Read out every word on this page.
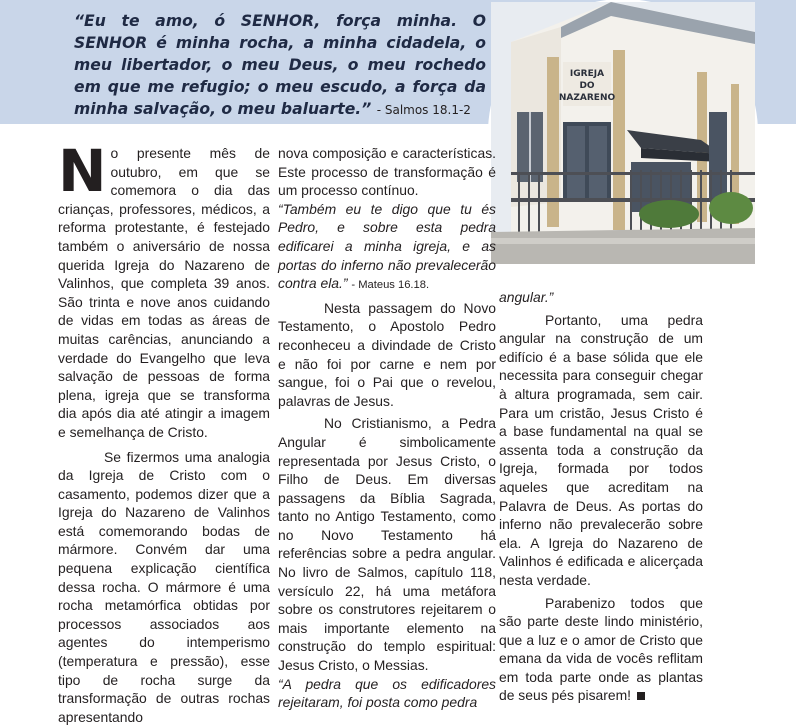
“Eu te amo, ó SENHOR, força minha. O SENHOR é minha rocha, a minha cidadela, o meu libertador, o meu Deus, o meu rochedo em que me refugio; o meu escudo, a força da minha salvação, o meu baluarte.” - Salmos 18.1-2

IGREJA
DO
NAZARENO

No presente mês de outubro, em que se comemora o dia das crianças, professores, médicos, a reforma protestante, é festejado também o aniversário de nossa querida Igreja do Nazareno de Valinhos, que completa 39 anos. São trinta e nove anos cuidando de vidas em todas as áreas de muitas carências, anunciando a verdade do Evangelho que leva salvação de pessoas de forma plena, igreja que se transforma dia após dia até atingir a imagem e semelhança de Cristo.

Se fizermos uma analogia da Igreja de Cristo com o casamento, podemos dizer que a Igreja do Nazareno de Valinhos está comemorando bodas de mármore. Convém dar uma pequena explicação científica dessa rocha. O mármore é uma rocha metamórfica obtidas por processos associados aos agentes do intemperismo (temperatura e pressão), esse tipo de rocha surge da transformação de outras rochas apresentando

nova composição e características. Este processo de transformação é um processo contínuo.

“Também eu te digo que tu és Pedro, e sobre esta pedra edificarei a minha igreja, e as portas do inferno não prevalecerão contra ela.” - Mateus 16.18.

Nesta passagem do Novo Testamento, o Apostolo Pedro reconheceu a divindade de Cristo e não foi por carne e nem por sangue, foi o Pai que o revelou, palavras de Jesus.

No Cristianismo, a Pedra Angular é simbolicamente representada por Jesus Cristo, o Filho de Deus. Em diversas passagens da Bíblia Sagrada, tanto no Antigo Testamento, como no Novo Testamento há referências sobre a pedra angular. No livro de Salmos, capítulo 118, versículo 22, há uma metáfora sobre os construtores rejeitarem o mais importante elemento na construção do templo espiritual: Jesus Cristo, o Messias.

“A pedra que os edificadores rejeitaram, foi posta como pedra

angular.”

Portanto, uma pedra angular na construção de um edifício é a base sólida que ele necessita para conseguir chegar à altura programada, sem cair. Para um cristão, Jesus Cristo é a base fundamental na qual se assenta toda a construção da Igreja, formada por todos aqueles que acreditam na Palavra de Deus. As portas do inferno não prevalecerão sobre ela. A Igreja do Nazareno de Valinhos é edificada e alicerçada nesta verdade.

Parabenizo todos que são parte deste lindo ministério, que a luz e o amor de Cristo que emana da vida de vocês reflitam em toda parte onde as plantas de seus pés pisarem!
